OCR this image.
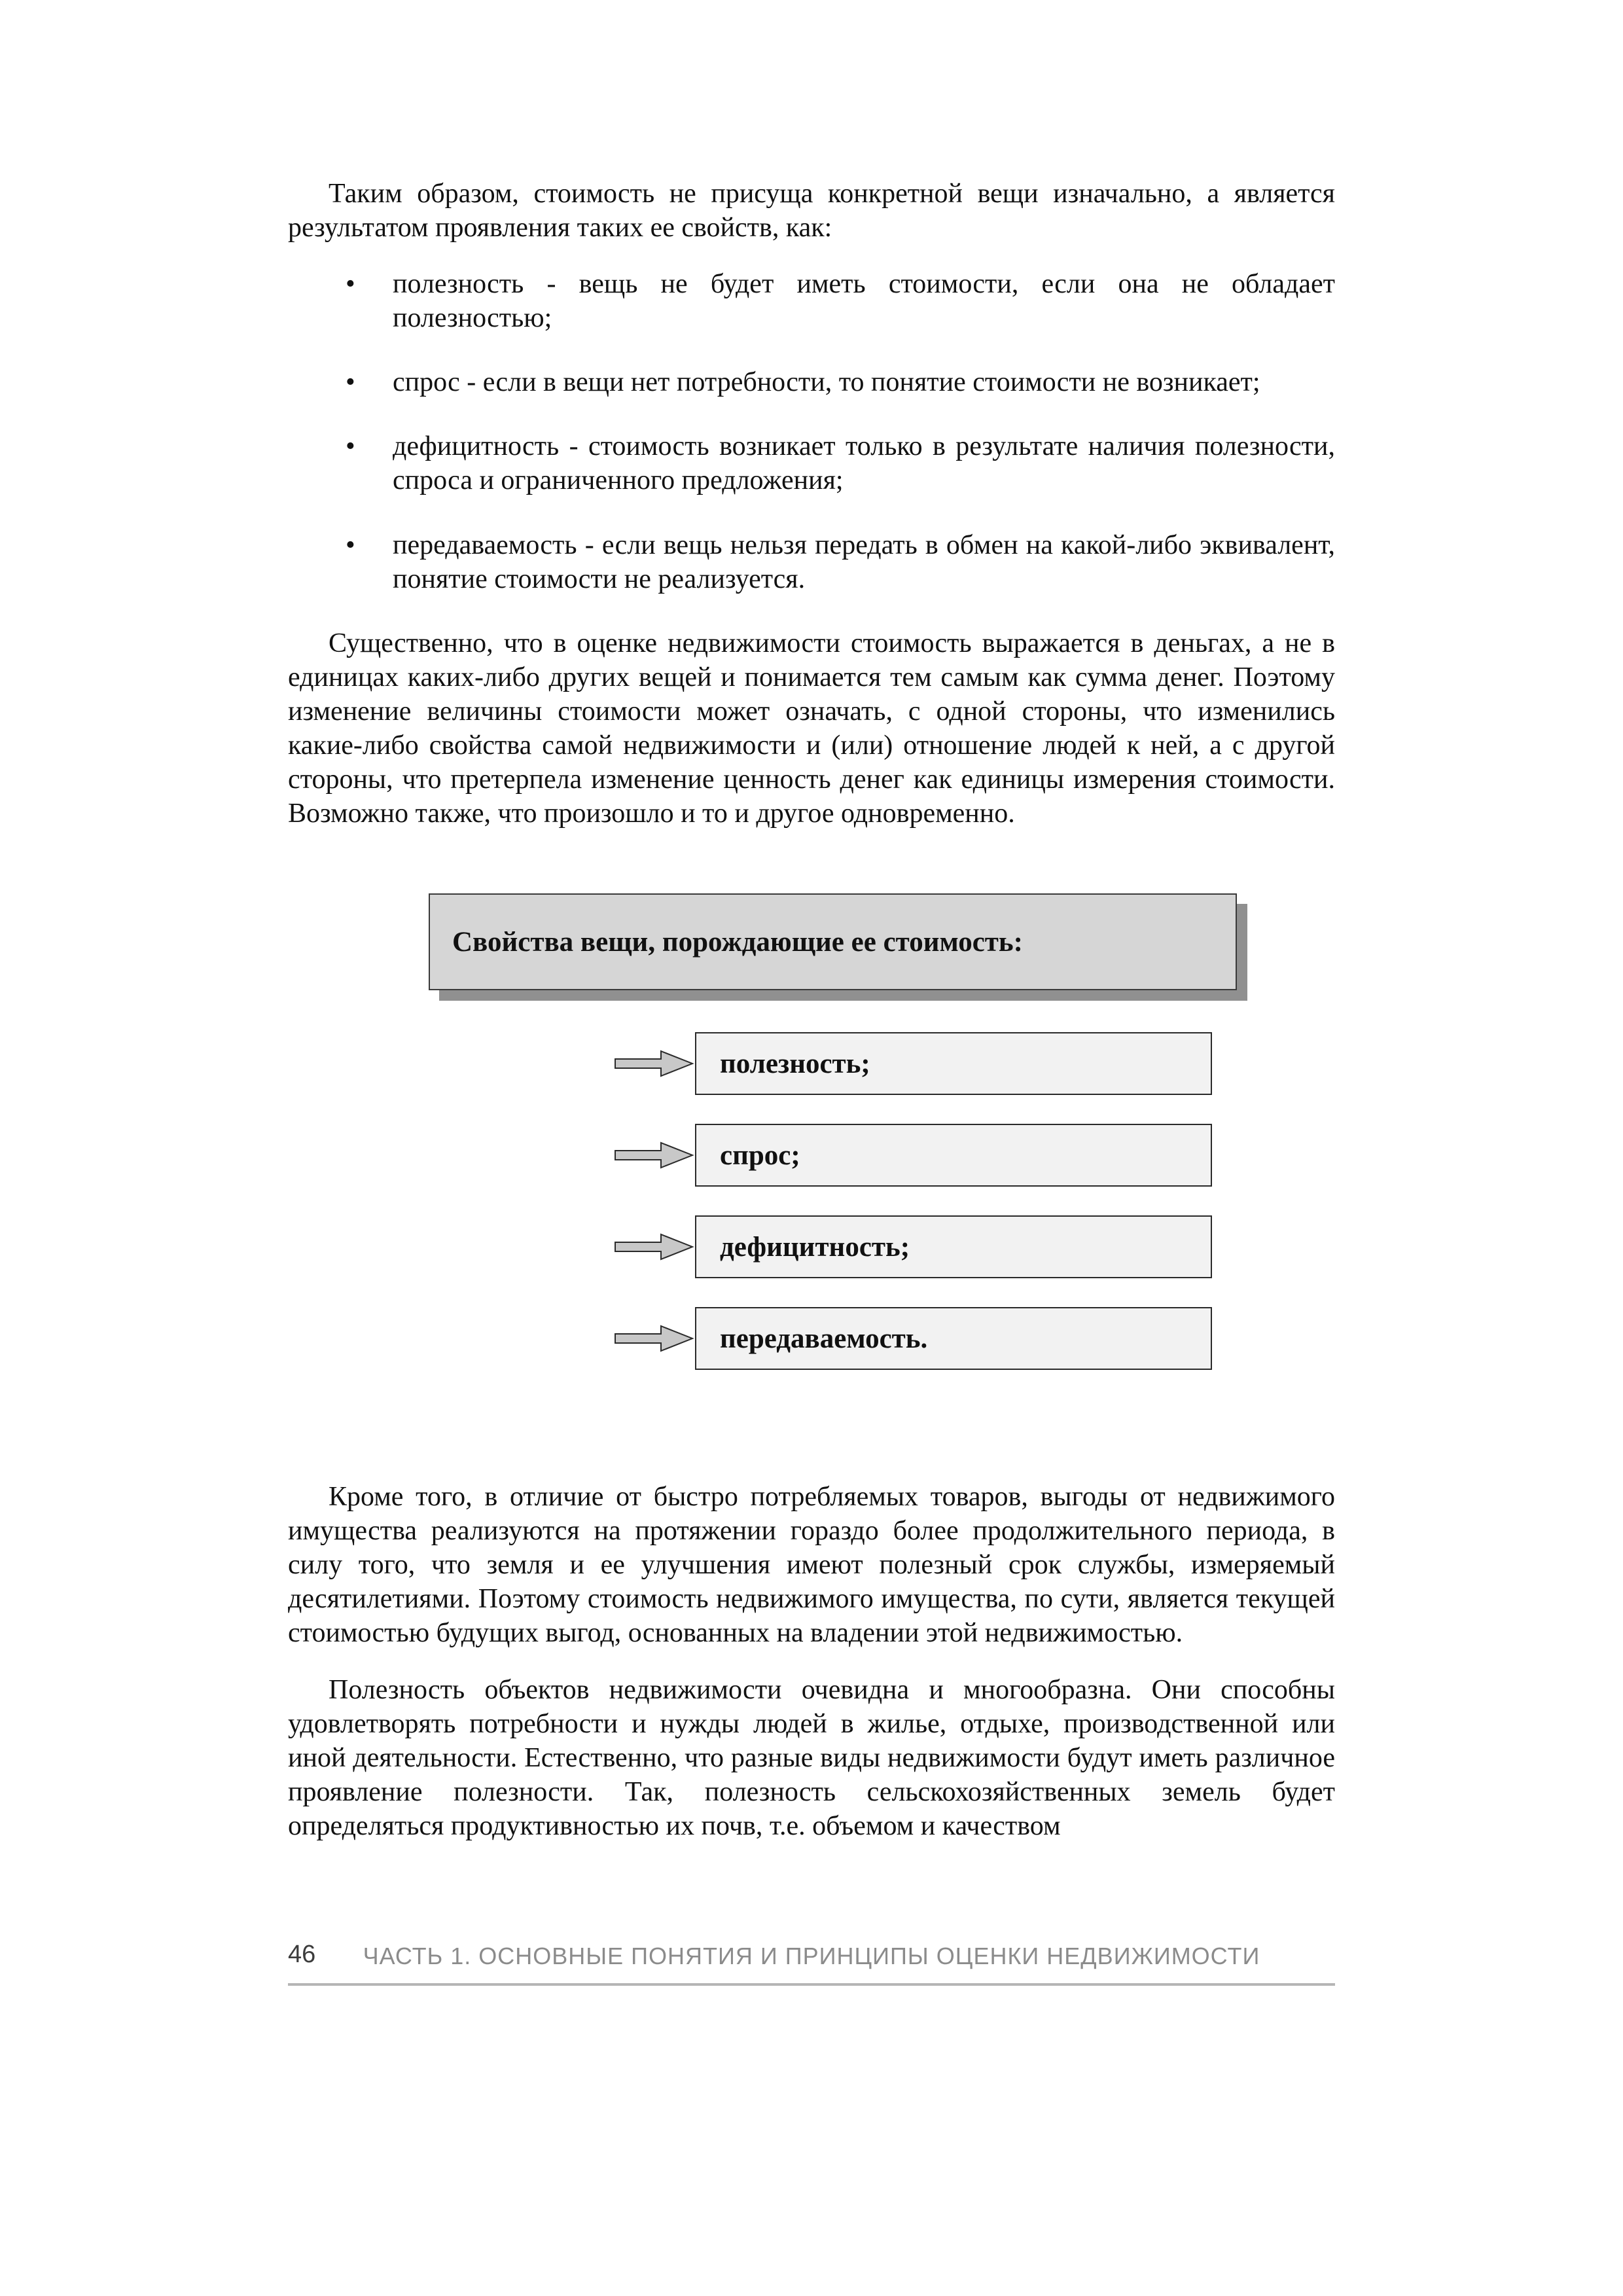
Таким образом, стоимость не присуща конкретной вещи изначально, а является результатом проявления таких ее свойств, как:

•	полезность - вещь не будет иметь стоимости, если она не обладает полезностью;
•	спрос - если в вещи нет потребности, то понятие стоимости не возникает;
•	дефицитность - стоимость возникает только в результате наличия полезности, спроса и ограниченного предложения;
•	передаваемость - если вещь нельзя передать в обмен на какой-либо эквивалент, понятие стоимости не реализуется.

Существенно, что в оценке недвижимости стоимость выражается в деньгах, а не в единицах каких-либо других вещей и понимается тем самым как сумма денег. Поэтому изменение величины стоимости может означать, с одной стороны, что изменились какие-либо свойства самой недвижимости и (или) отношение людей к ней, а с другой стороны, что претерпела изменение ценность денег как единицы измерения стоимости. Возможно также, что произошло и то и другое одновременно.

Свойства вещи, порождающие ее стоимость:
полезность;
спрос;
дефицитность;
передаваемость.

Кроме того, в отличие от быстро потребляемых товаров, выгоды от недвижимого имущества реализуются на протяжении гораздо более продолжительного периода, в силу того, что земля и ее улучшения имеют полезный срок службы, измеряемый десятилетиями. Поэтому стоимость недвижимого имущества, по сути, является текущей стоимостью будущих выгод, основанных на владении этой недвижимостью.

Полезность объектов недвижимости очевидна и многообразна. Они способны удовлетворять потребности и нужды людей в жилье, отдыхе, производственной или иной деятельности. Естественно, что разные виды недвижимости будут иметь различное проявление полезности. Так, полезность сельскохозяйственных земель будет определяться продуктивностью их почв, т.е. объемом и качеством

46	ЧАСТЬ 1. ОСНОВНЫЕ ПОНЯТИЯ И ПРИНЦИПЫ ОЦЕНКИ НЕДВИЖИМОСТИ
